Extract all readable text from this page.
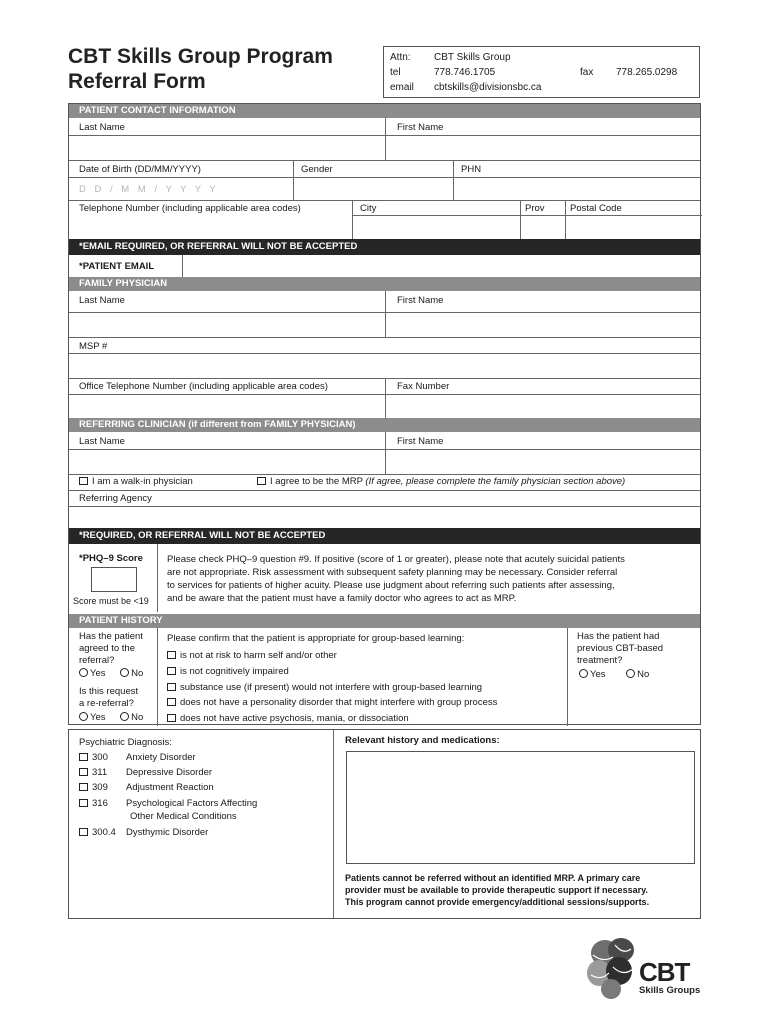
CBT Skills Group Program
Referral Form
Attn: CBT Skills Group
tel	778.746.1705	fax 778.265.0298
email cbtskills@divisionsbc.ca
PATIENT CONTACT INFORMATION
Last Name	First Name
Date of Birth (DD/MM/YYYY)	Gender	PHN
D D / M M / Y Y Y Y
Telephone Number (including applicable area codes)	City	Prov	Postal Code
*EMAIL REQUIRED, OR REFERRAL WILL NOT BE ACCEPTED
*PATIENT EMAIL
FAMILY PHYSICIAN
Last Name	First Name
MSP #
Office Telephone Number (including applicable area codes)	Fax Number
REFERRING CLINICIAN (if different from FAMILY PHYSICIAN)
Last Name	First Name
I am a walk-in physician	I agree to be the MRP (If agree, please complete the family physician section above)
Referring Agency
*REQUIRED, OR REFERRAL WILL NOT BE ACCEPTED
*PHQ–9 Score
Score must be <19
Please check PHQ–9 question #9. If positive (score of 1 or greater), please note that acutely suicidal patients
are not appropriate. Risk assessment with subsequent safety planning may be necessary. Consider referral
to services for patients of higher acuity. Please use judgment about referring such patients after assessing,
and be aware that the patient must have a family doctor who agrees to act as MRP.
PATIENT HISTORY
Has the patient
agreed to the
referral?
Yes	No
Is this request
a re-referral?
Yes	No
Please confirm that the patient is appropriate for group-based learning:
is not at risk to harm self and/or other
is not cognitively impaired
substance use (if present) would not interfere with group-based learning
does not have a personality disorder that might interfere with group process
does not have active psychosis, mania, or dissociation
Has the patient had
previous CBT-based
treatment?
Yes	No
Psychiatric Diagnosis:
300 Anxiety Disorder
311 Depressive Disorder
309 Adjustment Reaction
316 Psychological Factors Affecting
Other Medical Conditions
300.4 Dysthymic Disorder
Relevant history and medications:
Patients cannot be referred without an identified MRP. A primary care
provider must be available to provide therapeutic support if necessary.
This program cannot provide emergency/additional sessions/supports.
CBT
Skills Groups
